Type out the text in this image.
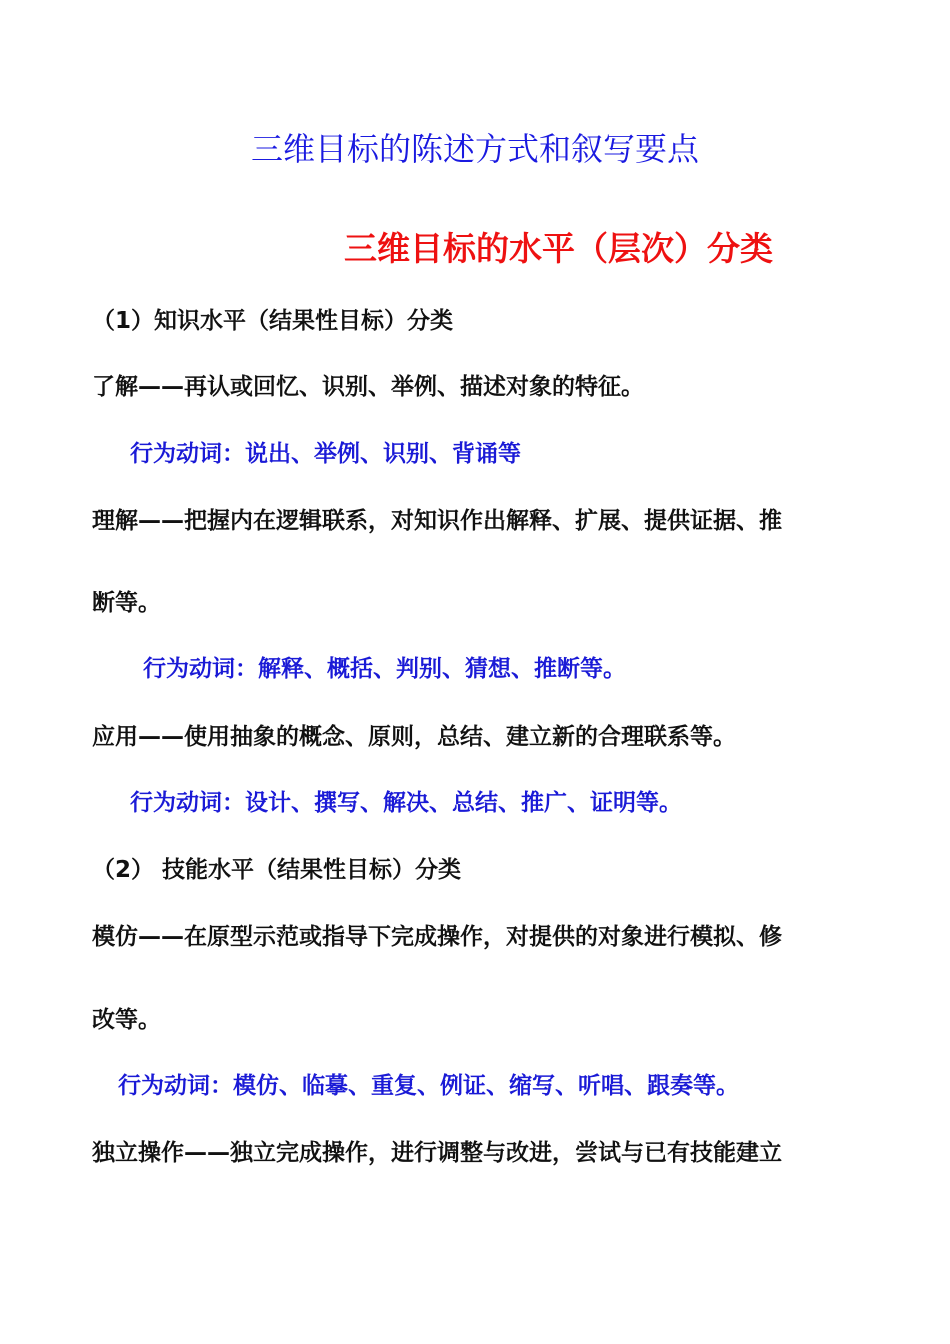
三维目标的陈述方式和叙写要点
三维目标的水平（层次）分类
（1）知识水平（结果性目标）分类
了解——再认或回忆、识别、举例、描述对象的特征。
行为动词：说出、举例、识别、背诵等
理解——把握内在逻辑联系，对知识作出解释、扩展、提供证据、推
断等。
行为动词：解释、概括、判别、猜想、推断等。
应用——使用抽象的概念、原则，总结、建立新的合理联系等。
行为动词：设计、撰写、解决、总结、推广、证明等。
（2） 技能水平（结果性目标）分类
模仿——在原型示范或指导下完成操作，对提供的对象进行模拟、修
改等。
行为动词：模仿、临摹、重复、例证、缩写、听唱、跟奏等。
独立操作——独立完成操作，进行调整与改进，尝试与已有技能建立
